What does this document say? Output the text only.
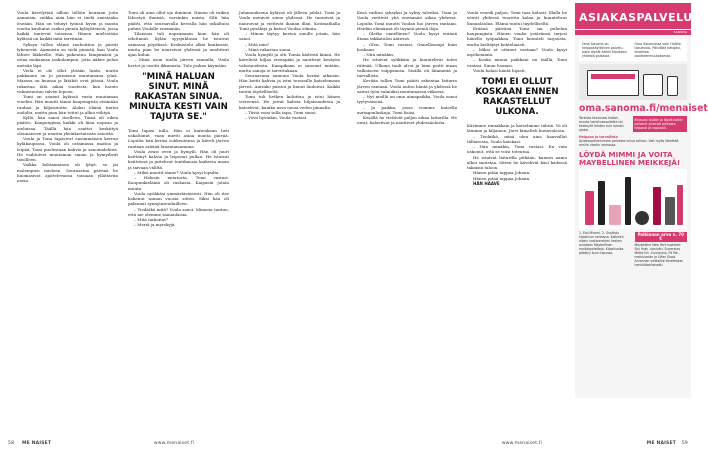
Voula kävelyttää silloin tällöin koiriaan joita aamuisin, vaikka aina hän ei tiedä omistaako itseään. Hän on tehnyt työnsä hyvin ja monta vuotta kuulunut osaksi pientä kyläyhteisöä, jossa kaikki tuntevat toisensa. Hänen mielestään kylässä on kaikki mitä tarvitaan.

Syksyn tullen elämä rauhoittuu ja päivät lyhenevät. Aamuisin on vielä pimeää, kun Voula lähtee liikkeelle. Hän pukeutuu lämpimästi ja ottaa mukaansa taskulampun, jotta näkee polun metsän läpi.

Vielä ei ole ollut yhtään lunta, mutta pakkanen on jo puraissut muutamana yönä. Maassa on kuuraa ja lätäköt ovat jäässä. Voula rakastaa tätä aikaa vuodesta, kun luonto valmistautuu talven lepoon.

Tomi on asunut kylässä vasta muutaman vuoden. Hän muutti tänne kaupungista etsimään rauhaa ja hiljaisuutta. Aluksi elämä tuntui oudolta, mutta pian hän tottui ja alkoi viihtyä.

Kyllä, hän sanoi itselleen. Tämä oli oikea päätös. Kaupungissa kaikki oli liian nopeaa ja meluisaa. Täällä hän saattoi keskittyä olennaiseen ja nauttia yksinkertaisista asioista.

Voula ja Tomi tapasivat ensimmäisen kerran kyläkaupassa. Voula oli ostamassa maitoa ja leipää, Tomi puolestaan kahvia ja sanomalehteä. He vaihtoivat muutaman sanan ja hymyilivät toisilleen.

Vaikka kohtaaminen oli lyhyt, se jäi molempien mieleen. Seuraavina päivinä he huomasivat ajattelevansa toisiaan yllättävän usein.

Tomi oli aina ollut ujo ihminen. Hänen oli vaikea lähestyä ihmisiä, varsinkin naisia. Silti hän päätti, että seuraavalla kerralla hän uskaltaisi puhua Voulalle enemmän.

Tilaisuus tuli nopeammin kuin hän oli odottanut. Kylän syysjuhlassa he istuivat samassa pöydässä. Keskustelu alkoi kankeasti, mutta pian he nauroivat yhdessä ja unohtivat ajan kulun.

– Minä asun tuolla järven rannalla, Voula kertoi ja osoitti ikkunasta. Tule joskus käymään.

"MINÄ HALUAN SINUT. MINÄ RAKASTAN SINUA. MINULTA KESTI VAIN TAJUTA SE."

Tomi lupasi tulla. Hän ei kuitenkaan heti uskaltanut, vaan mietti asiaa monta päivää. Lopulta hän keräsi rohkeutensa ja käveli järven rantaan eräänä lauantaiaamuna.

Voula avasi oven ja hymyili. Hän oli juuri keittänyt kahvia ja leiponut pullaa. He istuivat keittiössä ja juttelivat tuntikausia kaikesta maan ja taivaan väliltä.

– Miksi muutit tänne? Voula kysyi lopulta.

– Halusin muutosta, Tomi vastasi. Kaupunkielämä oli raskasta. Kaipasin jotain muuta.

Voula nyökkäsi ymmärtäväisesti. Hän oli itse kokenut saman vuosia sitten. Siksi hän oli palannut synnyinseuduilleen.

– Tiedätkö mitä? Voula sanoi. Minusta tuntuu, että me olemme samanlaisia.

– Mitä tarkoitat?

– Meriä ja myrskyjä.

Juhannuksena kylässä oli jälleen juhlat. Tomi ja Voula menivät sinne yhdessä. He tanssivat ja nauroivat ja viettivät ihanan illan. Kotimatkalla Tomi pysähtyi ja katsoi Voulaa silmiin.

– Minun täytyy kertoa sinulle jotain, hän sanoi.

– Mitä niin?

– Minä rakastan sinua.

Voula hymyili ja otti Tomia kädestä kiinni. He kävelivät hiljaa eteenpäin ja nauttivat kesäyön valoisuudesta. Kumpikaan ei sanonut mitään, mutta sanoja ei tarvittukaan.

Seuraavana aamuna Voula heräsi aikaisin. Hän keitti kahvia ja istui terassille katselemaan järveä. Aurinko paistoi ja linnut lauloivat. Kaikki tuntui täydelliseltä.

Tomi tuli hetken kuluttua ja istui hänen viereensä. He joivat kahvia hiljaisuudessa ja katselivat, kuinka usva nousi veden pinnalta.

– Tästä voisi tulla tapa, Tomi sanoi.

– Voisi hyvinkin, Voula vastasi.

58 ME NAISET	www.menaiset.fi

Kesä vaihtui syksyksi ja syksy talveksi. Tomi ja Voula viettivät yhä enemmän aikaa yhdessä. Lopulta Tomi muutti Voulan luo järven rantaan. Heidän elämänsä oli täynnä pieniä iloja.

– Oletko onnellinen? Voula kysyi eräänä iltana takkatulen ääressä.

– Olen, Tomi vastasi. Onnellisempi kuin koskaan.

– Niin minäkin.

He istuivat sylikkäin ja kuuntelivat tulen rätinää. Ulkona tuuli ulvoi ja lumi peitti maan valkoiseen vaippaansa. Sisällä oli lämmintä ja turvallista.

Kevään tullen Tomi päätti rakentaa laiturin järven rantaan. Voula auttoi häntä ja yhdessä he saivat työn valmiiksi muutamassa viikossa.

– Nyt meillä on oma uimapaikka, Voula sanoi tyytyväisenä.

– Ja paikka, jossa voimme katsella auringonlaskuja, Tomi lisäsi.

Kesällä he viettivät paljon aikaa laiturilla. He uivat, kalastivat ja nauttivat yhdessäolosta.

Voula veneili paljon, Tomi taas kalasti. Illalla he söivät yhdessä tuoretta kalaa ja kuuntelivat linnunlaulua. Elämä tuntui täydelliseltä.

Eräänä päivänä Tomi sai puhelun kaupungista. Hänen vanha ystävänsä tarjosi hänelle työpaikkaa. Tomi kuunteli tarjousta, mutta kieltäytyi kohteliaasti.

– Miksi et ottanut vastaan? Voula kysyi myöhemmin.

– Koska minun paikkani on täällä, Tomi vastasi. Sinun luonasi.

Voula halasi häntä lujasti.

TOMI EI OLLUT KOSKAAN ENNEN RAKASTELLUT ULKONA.

Kävimme rinnakkain ja katselimme tähtiä. Yö oli lämmin ja hiljainen. Järvi kimalteli kuunvalossa.

– Tiedätkö, minä olen aina haaveillut tällaisesta, Voula kuiskasi.

– Niin minäkin, Tomi vastasi. En vain uskonut, että se voisi toteutua.

He istuivat laiturilla pitkään, kunnes aamu alkoi sarastaa. Sitten he kävelivät käsi kädessä takaisin taloon.

Hänen pitää tappaa Johann.

Hänen pitää tappaa Johann.

HÄN HAAVE

ASIAKASPALVELU
SANOMA
Oma Sanoma on helppokäyttöinen palvelu, josta löydät kaikki tilauksesi yhdestä paikasta.
Oma Sanomassa voit: Hallita tilauksiasi, Päivittää tietojasi, Ilmoittaa osoitteenmuutoksesta.
oma.sanoma.fi/menaiset
Tarkista tilauksesi tiedot, muuta toimitusosoitetta tai keskeytä lehden tulo lomasi ajaksi.
Kirjaudu sisään ja löydä kaikki palvelut yhdestä paikasta helposti ja nopeasti.
Helppoa ja turvallista
Asiakaspalvelumme palvelee sinua arkisin. Voit myös lähettää meille viestin verkossa.
LÖYDÄ MIMMI JA VOITA MAYBELLINEN MEIKKEJÄ!
1. Etsi Mimmi. 2. Osallistu kilpailuun verkossa. Kaikkien oikein vastanneiden kesken arvotaan Maybellinen meikkipaketteja. Kilpailuaika päättyy kuun lopussa.
Palkinnon arvo n. 70 €
Maybelline New York tuotteet: Sky High -ripsiväri, Superstay Matte Ink -huulipuna, Fit Me -meikkivoide ja Lifter Gloss. Arvonnan voittajille ilmoitetaan henkilökohtaisesti.
www.menaiset.fi	ME NAISET 59
